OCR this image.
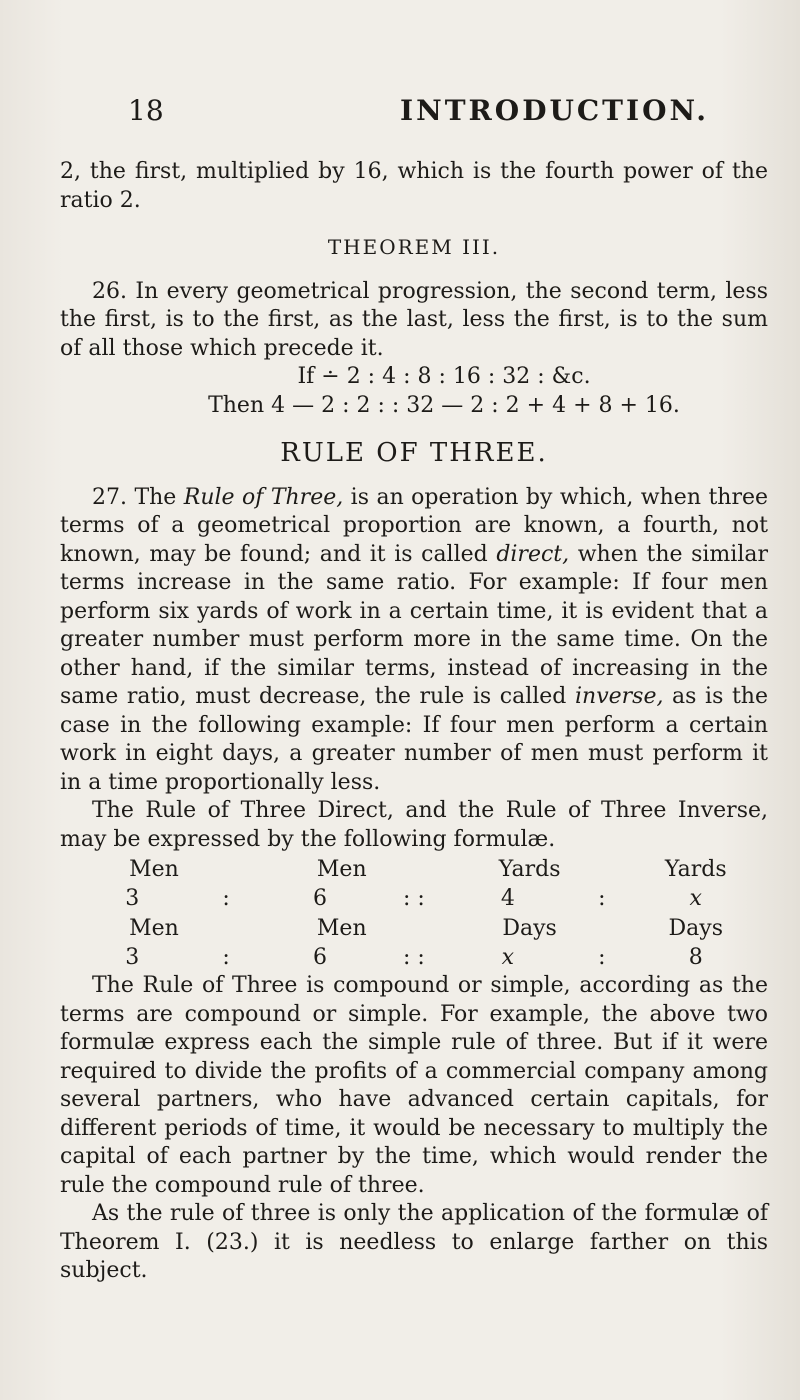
18	INTRODUCTION.

2, the first, multiplied by 16, which is the fourth power of the ratio 2.

THEOREM III.

26. In every geometrical progression, the second term, less the first, is to the first, as the last, less the first, is to the sum of all those which precede it.

If ∸ 2 : 4 : 8 : 16 : 32 : &c.

Then 4 — 2 : 2 : : 32 — 2 : 2 + 4 + 8 + 16.

RULE OF THREE.

27. The Rule of Three, is an operation by which, when three terms of a geometrical proportion are known, a fourth, not known, may be found; and it is called direct, when the similar terms increase in the same ratio. For example: If four men perform six yards of work in a certain time, it is evident that a greater number must perform more in the same time. On the other hand, if the similar terms, instead of increasing in the same ratio, must decrease, the rule is called inverse, as is the case in the following example: If four men perform a certain work in eight days, a greater number of men must perform it in a time proportionally less.

The Rule of Three Direct, and the Rule of Three Inverse, may be expressed by the following formulæ.

Men		Men		Yards		Yards
3	:	6	: :	4	:	x
Men		Men		Days		Days
3	:	6	: :	x	:	8

The Rule of Three is compound or simple, according as the terms are compound or simple. For example, the above two formulæ express each the simple rule of three. But if it were required to divide the profits of a commercial company among several partners, who have advanced certain capitals, for different periods of time, it would be necessary to multiply the capital of each partner by the time, which would render the rule the compound rule of three.

As the rule of three is only the application of the formulæ of Theorem I. (23.) it is needless to enlarge farther on this subject.
